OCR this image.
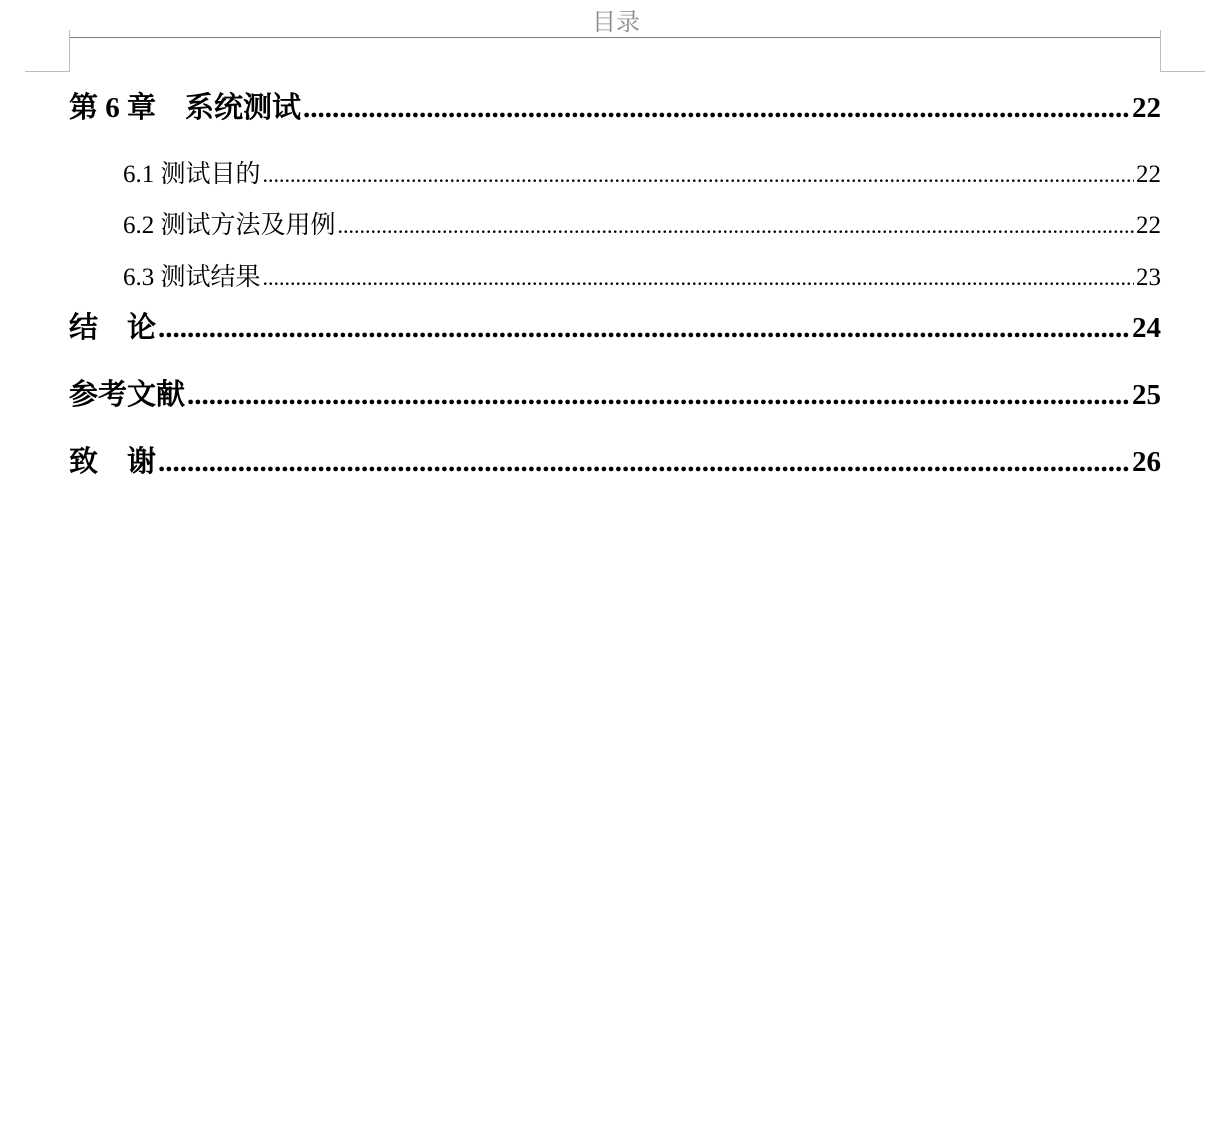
目录
第 6 章　系统测试 .....	22
6.1 测试目的 .....	22
6.2 测试方法及用例 .....	22
6.3 测试结果 .....	23
结　论 .....	24
参考文献 .....	25
致　谢 .....	26
